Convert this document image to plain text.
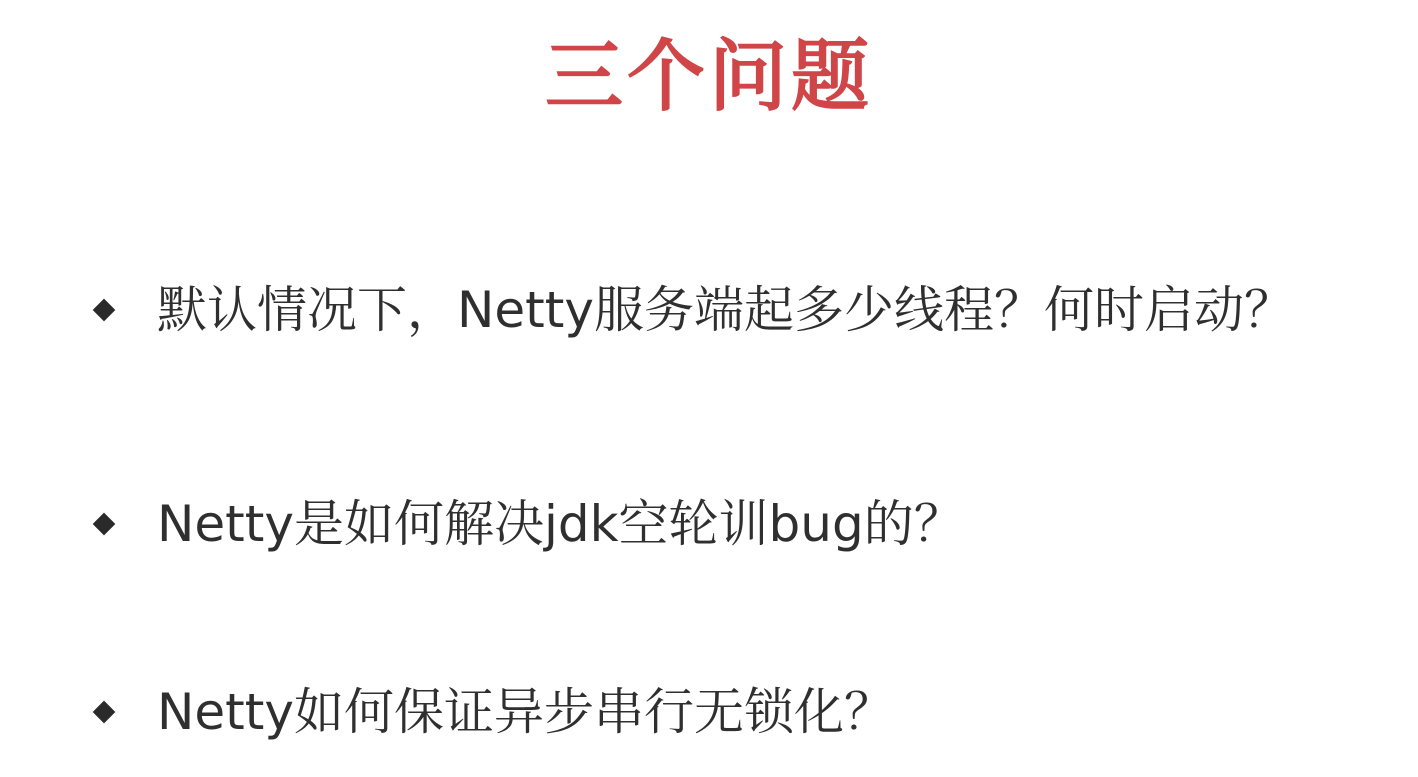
三个问题
默认情况下，Netty服务端起多少线程？何时启动？
Netty是如何解决jdk空轮训bug的？
Netty如何保证异步串行无锁化？
